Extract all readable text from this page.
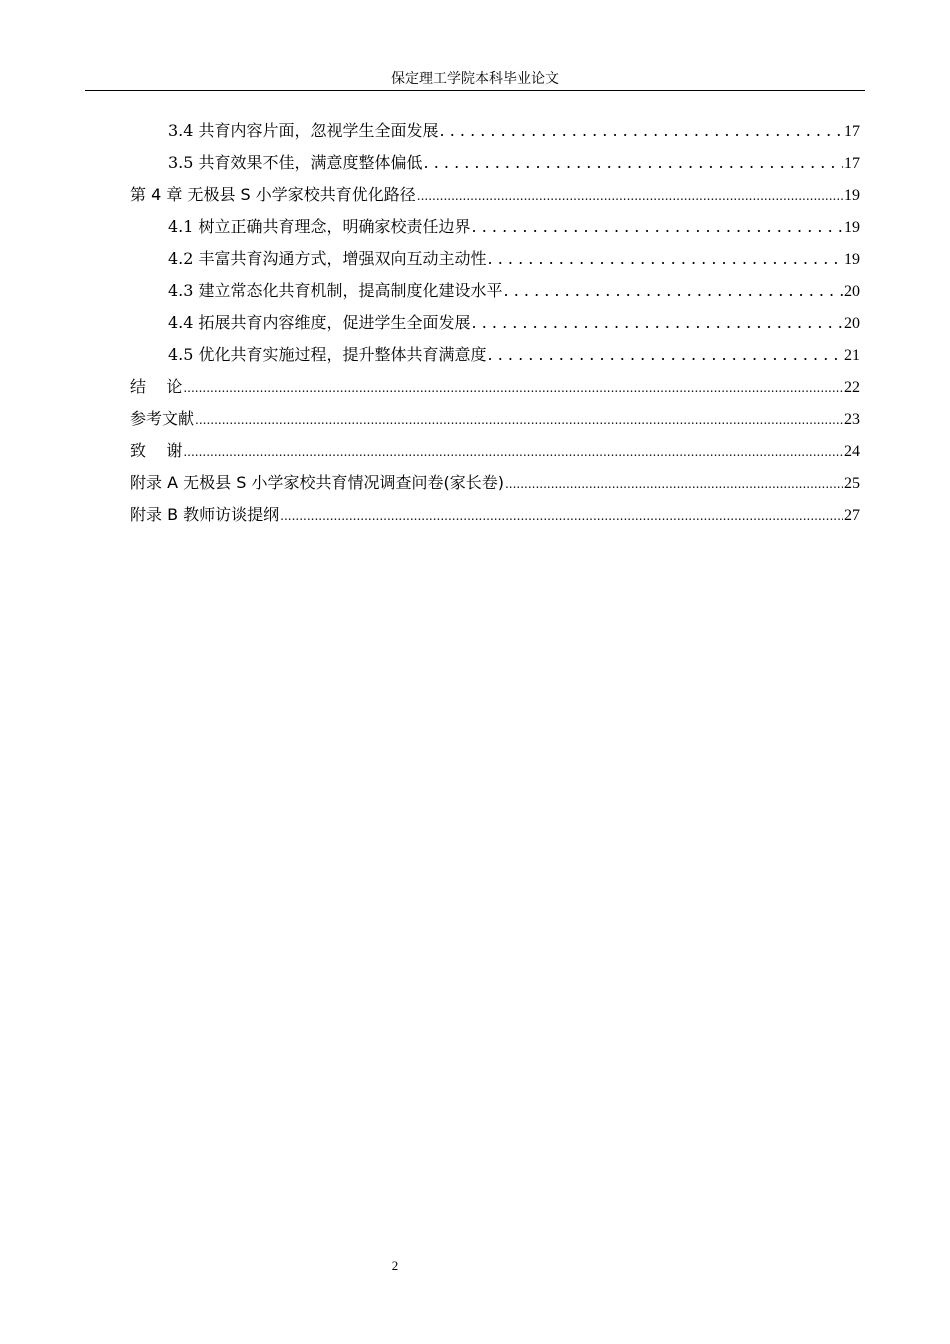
保定理工学院本科毕业论文
3.4 共育内容片面，忽视学生全面发展 . . .	17
3.5 共育效果不佳，满意度整体偏低 . . .	17
第 4 章 无极县 S 小学家校共育优化路径 .....	19
4.1 树立正确共育理念，明确家校责任边界 . . .	19
4.2 丰富共育沟通方式，增强双向互动主动性 . . .	19
4.3 建立常态化共育机制，提高制度化建设水平 . . .	20
4.4 拓展共育内容维度，促进学生全面发展 . . .	20
4.5 优化共育实施过程，提升整体共育满意度 . . .	21
结    论 .....	22
参考文献 .....	23
致    谢 .....	24
附录 A 无极县 S 小学家校共育情况调查问卷(家长卷) .....	25
附录 B 教师访谈提纲 .....	27
2
